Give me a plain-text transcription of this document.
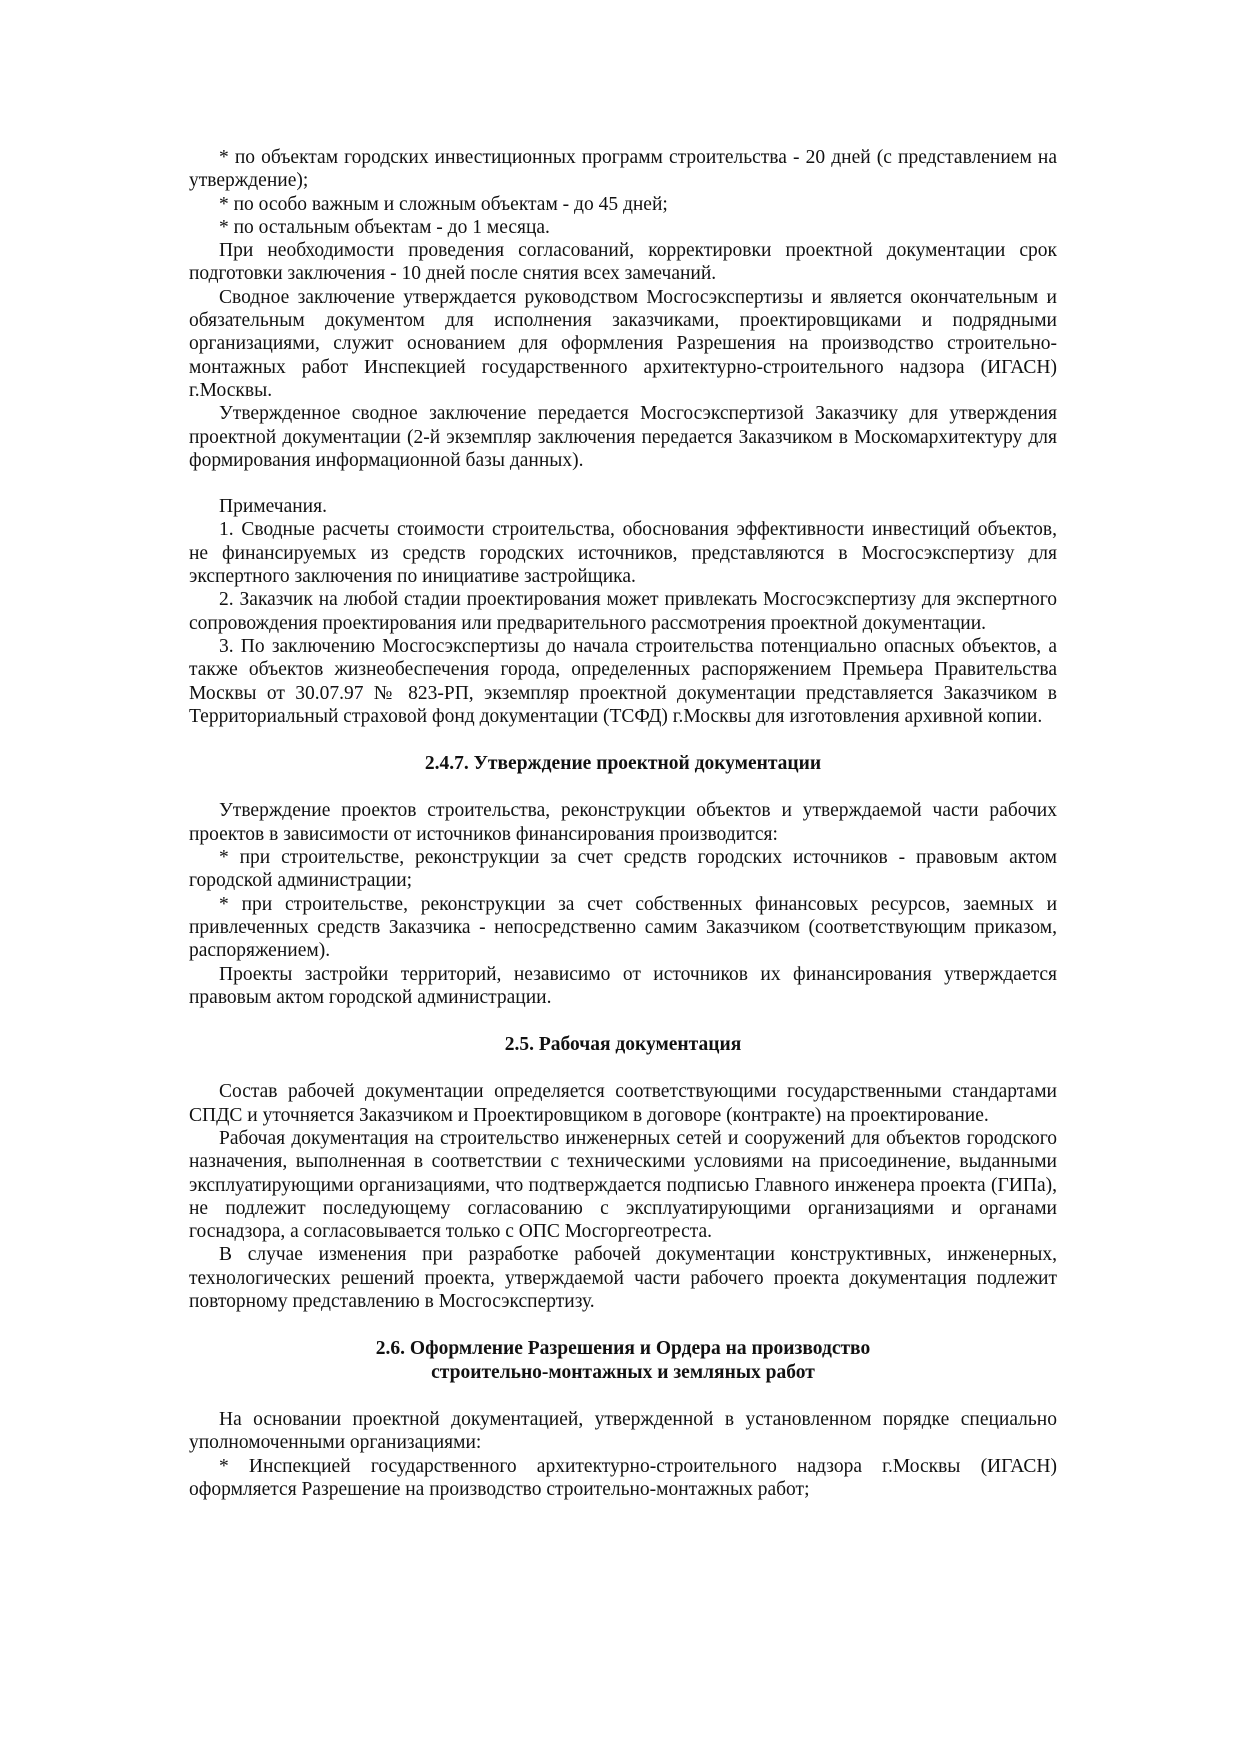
* по объектам городских инвестиционных программ строительства - 20 дней (с представлением на утверждение);

* по особо важным и сложным объектам - до 45 дней;

* по остальным объектам - до 1 месяца.

При необходимости проведения согласований, корректировки проектной документации срок подготовки заключения - 10 дней после снятия всех замечаний.

Сводное заключение утверждается руководством Мосгосэкспертизы и является окончательным и обязательным документом для исполнения заказчиками, проектировщиками и подрядными организациями, служит основанием для оформления Разрешения на производство строительно-монтажных работ Инспекцией государственного архитектурно-строительного надзора (ИГАСН) г.Москвы.

Утвержденное сводное заключение передается Мосгосэкспертизой Заказчику для утверждения проектной документации (2-й экземпляр заключения передается Заказчиком в Москомархитектуру для формирования информационной базы данных).

Примечания.

1. Сводные расчеты стоимости строительства, обоснования эффективности инвестиций объектов, не финансируемых из средств городских источников, представляются в Мосгосэкспертизу для экспертного заключения по инициативе застройщика.

2. Заказчик на любой стадии проектирования может привлекать Мосгосэкспертизу для экспертного сопровождения проектирования или предварительного рассмотрения проектной документации.

3. По заключению Мосгосэкспертизы до начала строительства потенциально опасных объектов, а также объектов жизнеобеспечения города, определенных распоряжением Премьера Правительства Москвы от 30.07.97 № 823-РП, экземпляр проектной документации представляется Заказчиком в Территориальный страховой фонд документации (ТСФД) г.Москвы для изготовления архивной копии.

2.4.7. Утверждение проектной документации

Утверждение проектов строительства, реконструкции объектов и утверждаемой части рабочих проектов в зависимости от источников финансирования производится:

* при строительстве, реконструкции за счет средств городских источников - правовым актом городской администрации;

* при строительстве, реконструкции за счет собственных финансовых ресурсов, заемных и привлеченных средств Заказчика - непосредственно самим Заказчиком (соответствующим приказом, распоряжением).

Проекты застройки территорий, независимо от источников их финансирования утверждается правовым актом городской администрации.

2.5. Рабочая документация

Состав рабочей документации определяется соответствующими государственными стандартами СПДС и уточняется Заказчиком и Проектировщиком в договоре (контракте) на проектирование.

Рабочая документация на строительство инженерных сетей и сооружений для объектов городского назначения, выполненная в соответствии с техническими условиями на присоединение, выданными эксплуатирующими организациями, что подтверждается подписью Главного инженера проекта (ГИПа), не подлежит последующему согласованию с эксплуатирующими организациями и органами госнадзора, а согласовывается только с ОПС Мосгоргеотреста.

В случае изменения при разработке рабочей документации конструктивных, инженерных, технологических решений проекта, утверждаемой части рабочего проекта документация подлежит повторному представлению в Мосгосэкспертизу.

2.6. Оформление Разрешения и Ордера на производство
строительно-монтажных и земляных работ

На основании проектной документацией, утвержденной в установленном порядке специально уполномоченными организациями:

* Инспекцией государственного архитектурно-строительного надзора г.Москвы (ИГАСН) оформляется Разрешение на производство строительно-монтажных работ;
